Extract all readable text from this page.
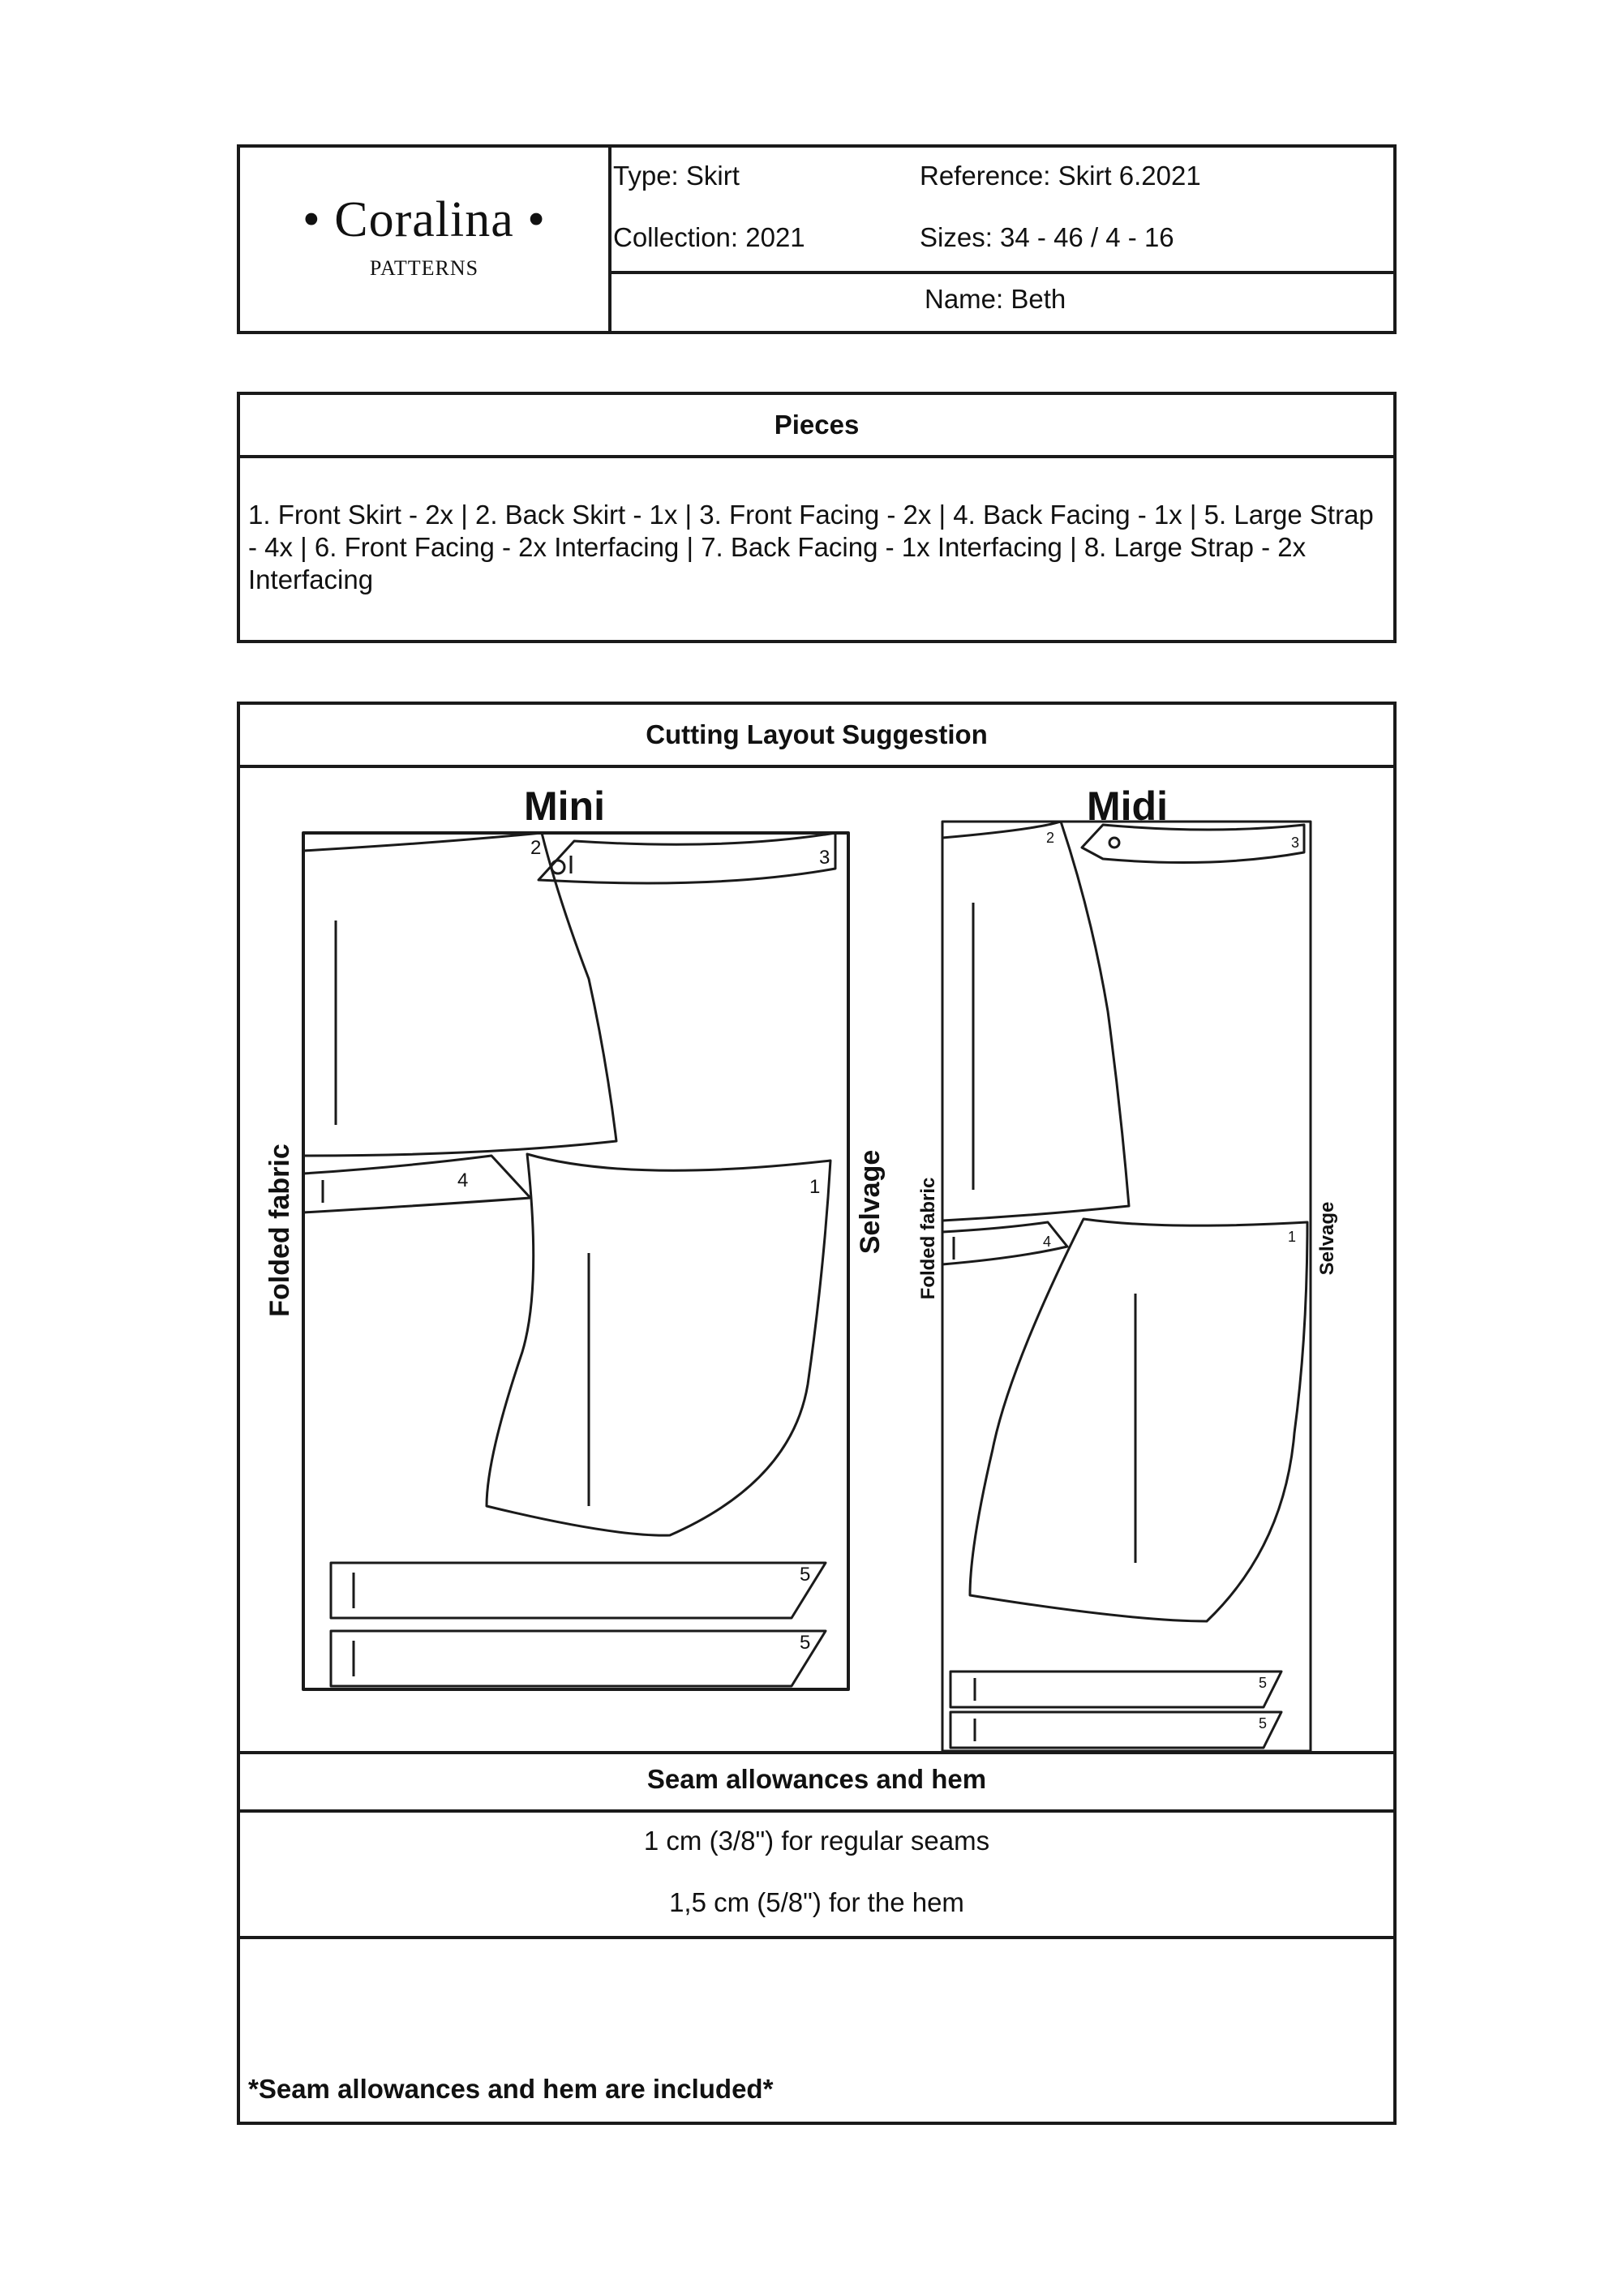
• Coralina •
PATTERNS
Type: Skirt	Reference: Skirt 6.2021
Collection: 2021	Sizes: 34 - 46 / 4 - 16
Name: Beth
Pieces
1. Front Skirt - 2x | 2. Back Skirt - 1x | 3. Front Facing - 2x | 4. Back Facing - 1x | 5. Large Strap - 4x | 6. Front Facing - 2x Interfacing | 7. Back Facing - 1x Interfacing | 8. Large Strap - 2x Interfacing
Cutting Layout Suggestion
Mini	Midi
Folded fabric	Selvage Folded fabric	Selvage
2	3
4	1
5
5
2	3
4	1
5
5
Seam allowances and hem
1 cm (3/8") for regular seams
1,5 cm (5/8") for the hem
*Seam allowances and hem are included*
